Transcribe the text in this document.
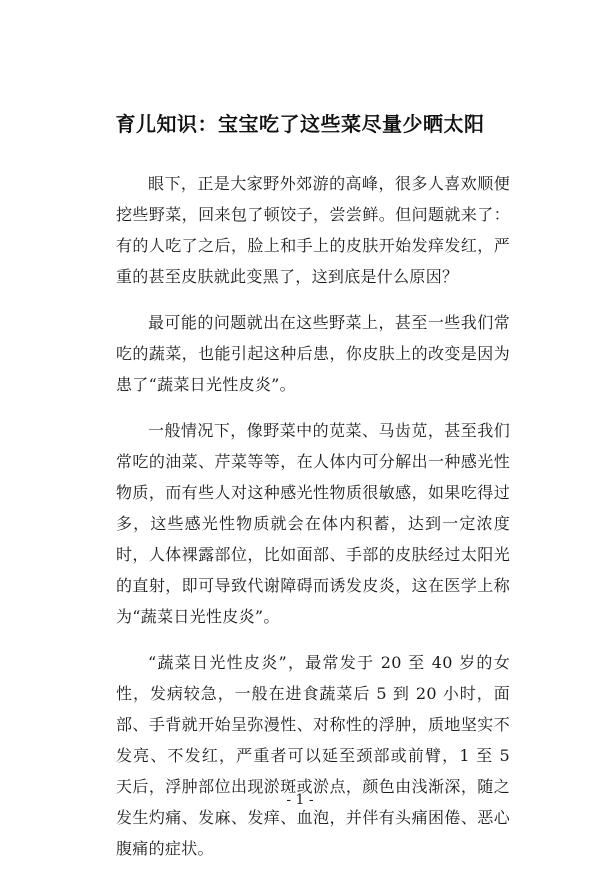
育儿知识：宝宝吃了这些菜尽量少晒太阳

眼下，正是大家野外郊游的高峰，很多人喜欢顺便挖些野菜，回来包了顿饺子，尝尝鲜。但问题就来了：有的人吃了之后，脸上和手上的皮肤开始发痒发红，严重的甚至皮肤就此变黑了，这到底是什么原因？

最可能的问题就出在这些野菜上，甚至一些我们常吃的蔬菜，也能引起这种后患，你皮肤上的改变是因为患了“蔬菜日光性皮炎”。

一般情况下，像野菜中的苋菜、马齿苋，甚至我们常吃的油菜、芹菜等等，在人体内可分解出一种感光性物质，而有些人对这种感光性物质很敏感，如果吃得过多，这些感光性物质就会在体内积蓄，达到一定浓度时，人体裸露部位，比如面部、手部的皮肤经过太阳光的直射，即可导致代谢障碍而诱发皮炎，这在医学上称为“蔬菜日光性皮炎”。

“蔬菜日光性皮炎”，最常发于 20 至 40 岁的女性，发病较急，一般在进食蔬菜后 5 到 20 小时，面部、手背就开始呈弥漫性、对称性的浮肿，质地坚实不发亮、不发红，严重者可以延至颈部或前臂，1 至 5 天后，浮肿部位出现淤斑或淤点，颜色由浅渐深，随之发生灼痛、发麻、发痒、血泡，并伴有头痛困倦、恶心腹痛的症状。

- 1 -
